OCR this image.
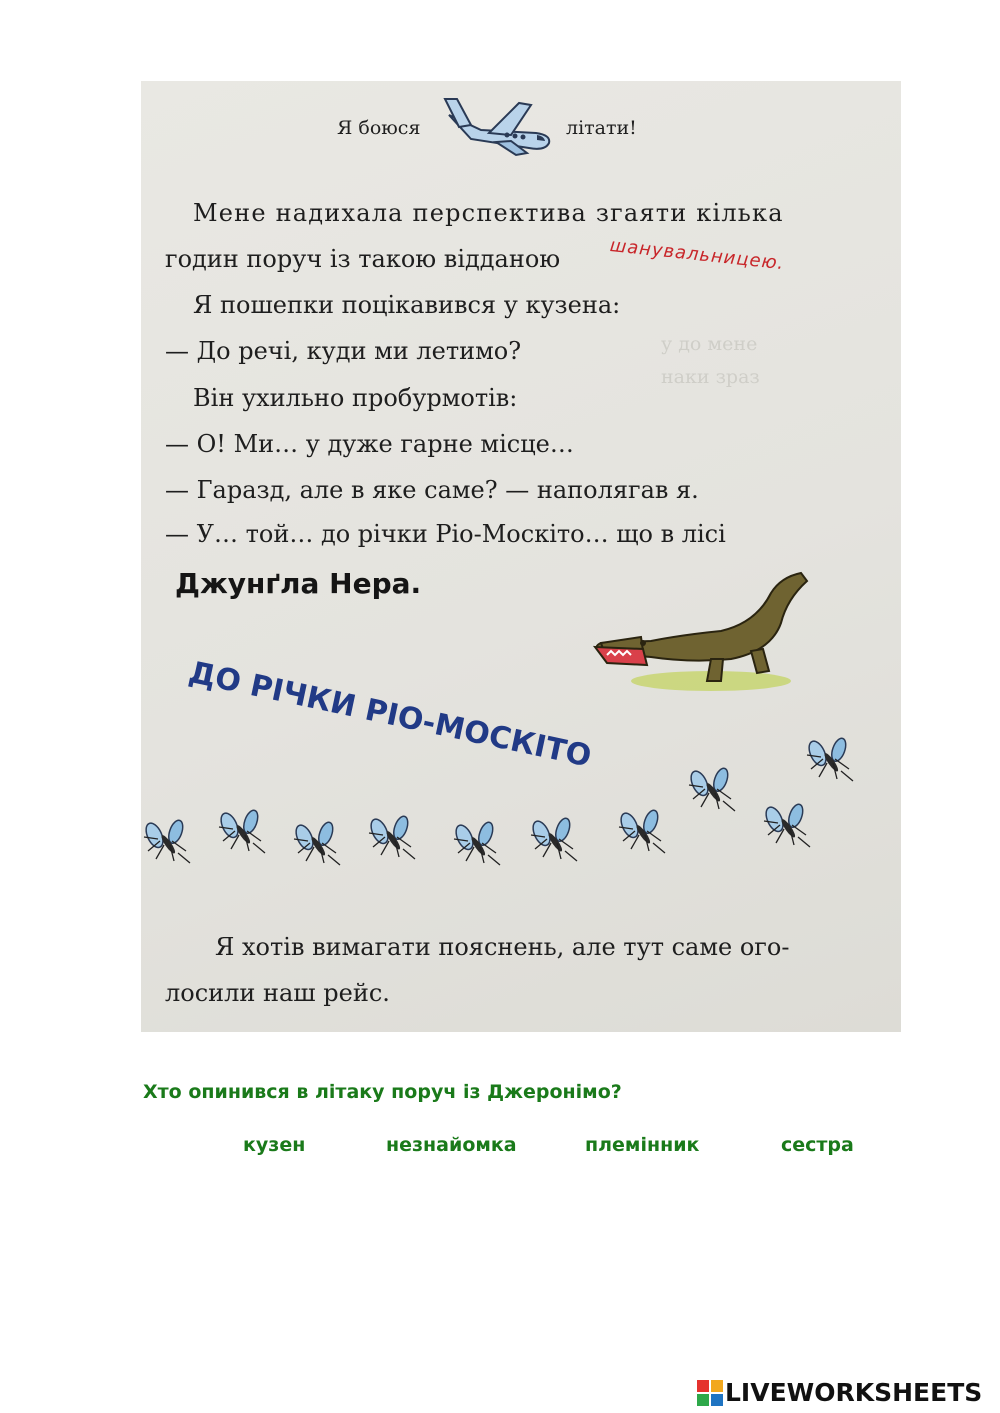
у до мене
наки зраз
Я боюся	літати!
Мене надихала перспектива згаяти кілька
годин поруч із такою відданою	шанувальницею.
Я пошепки поцікавився у кузена:
— До речі, куди ми летимо?
Він ухильно пробурмотів:
— О! Ми… у дуже гарне місце…
— Гаразд, але в яке саме? — наполягав я.
— У… той… до річки Ріо-Москіто… що в лісі
Джунґла Нера.
ДО РІЧКИ РІО-МОСКІТО
Я хотів вимагати пояснень, але тут саме ого-
лосили наш рейс.
Хто опинився в літаку поруч із Джеронімо?
кузен	незнайомка	племінник	сестра
LIVEWORKSHEETS
